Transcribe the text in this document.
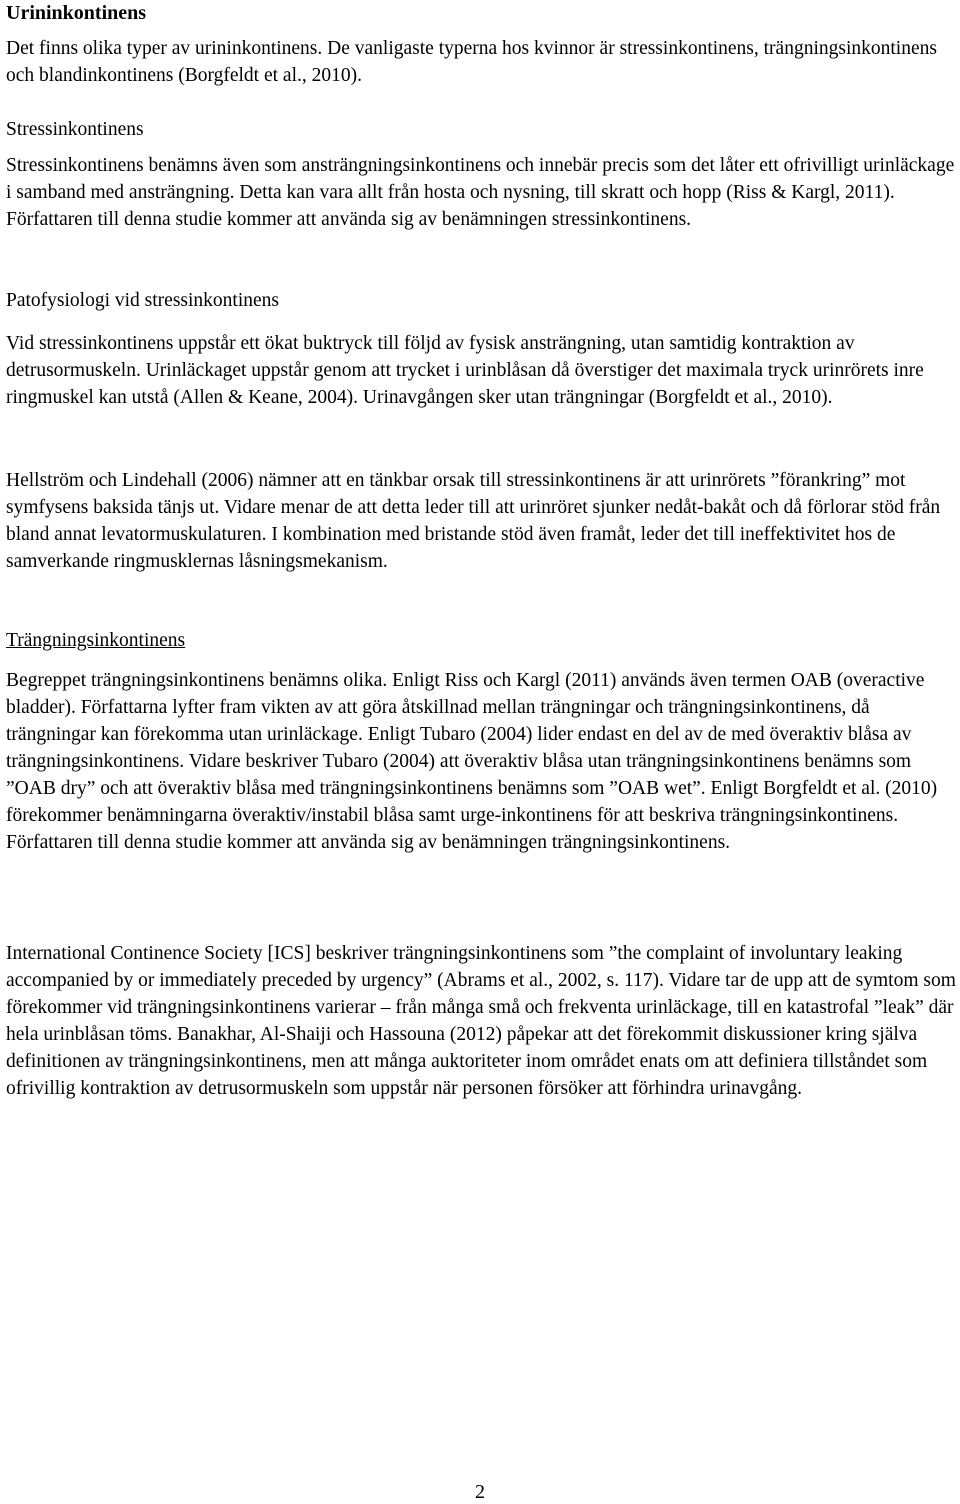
Urininkontinens

Det finns olika typer av urininkontinens. De vanligaste typerna hos kvinnor är stressinkontinens, trängningsinkontinens och blandinkontinens (Borgfeldt et al., 2010).

Stressinkontinens

Stressinkontinens benämns även som ansträngningsinkontinens och innebär precis som det låter ett ofrivilligt urinläckage i samband med ansträngning. Detta kan vara allt från hosta och nysning, till skratt och hopp (Riss & Kargl, 2011). Författaren till denna studie kommer att använda sig av benämningen stressinkontinens.

Patofysiologi vid stressinkontinens

Vid stressinkontinens uppstår ett ökat buktryck till följd av fysisk ansträngning, utan samtidig kontraktion av detrusormuskeln. Urinläckaget uppstår genom att trycket i urinblåsan då överstiger det maximala tryck urinrörets inre ringmuskel kan utstå (Allen & Keane, 2004). Urinavgången sker utan trängningar (Borgfeldt et al., 2010).

Hellström och Lindehall (2006) nämner att en tänkbar orsak till stressinkontinens är att urinrörets ”förankring” mot symfysens baksida tänjs ut. Vidare menar de att detta leder till att urinröret sjunker nedåt-bakåt och då förlorar stöd från bland annat levatormuskulaturen. I kombination med bristande stöd även framåt, leder det till ineffektivitet hos de samverkande ringmusklernas låsningsmekanism.

Trängningsinkontinens

Begreppet trängningsinkontinens benämns olika. Enligt Riss och Kargl (2011) används även termen OAB (overactive bladder). Författarna lyfter fram vikten av att göra åtskillnad mellan trängningar och trängningsinkontinens, då trängningar kan förekomma utan urinläckage. Enligt Tubaro (2004) lider endast en del av de med överaktiv blåsa av trängningsinkontinens. Vidare beskriver Tubaro (2004) att överaktiv blåsa utan trängningsinkontinens benämns som ”OAB dry” och att överaktiv blåsa med trängningsinkontinens benämns som ”OAB wet”. Enligt Borgfeldt et al. (2010) förekommer benämningarna överaktiv/instabil blåsa samt urge-inkontinens för att beskriva trängningsinkontinens. Författaren till denna studie kommer att använda sig av benämningen trängningsinkontinens.

International Continence Society [ICS] beskriver trängningsinkontinens som ”the complaint of involuntary leaking accompanied by or immediately preceded by urgency” (Abrams et al., 2002, s. 117). Vidare tar de upp att de symtom som förekommer vid trängningsinkontinens varierar – från många små och frekventa urinläckage, till en katastrofal ”leak” där hela urinblåsan töms. Banakhar, Al-Shaiji och Hassouna (2012) påpekar att det förekommit diskussioner kring själva definitionen av trängningsinkontinens, men att många auktoriteter inom området enats om att definiera tillståndet som ofrivillig kontraktion av detrusormuskeln som uppstår när personen försöker att förhindra urinavgång.

2
